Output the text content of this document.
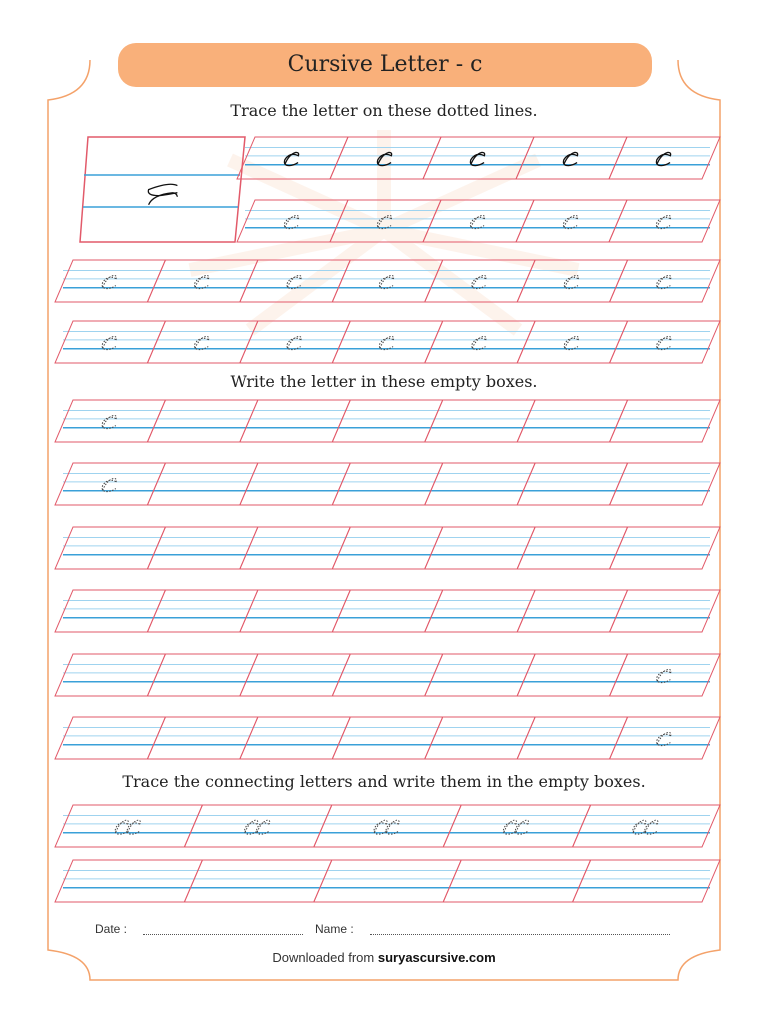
Cursive Letter - c
Trace the letter on these dotted lines.
Write the letter in these empty boxes.
Trace the connecting letters and write them in the empty boxes.
Date :	Name :
Downloaded from suryascursive.com
